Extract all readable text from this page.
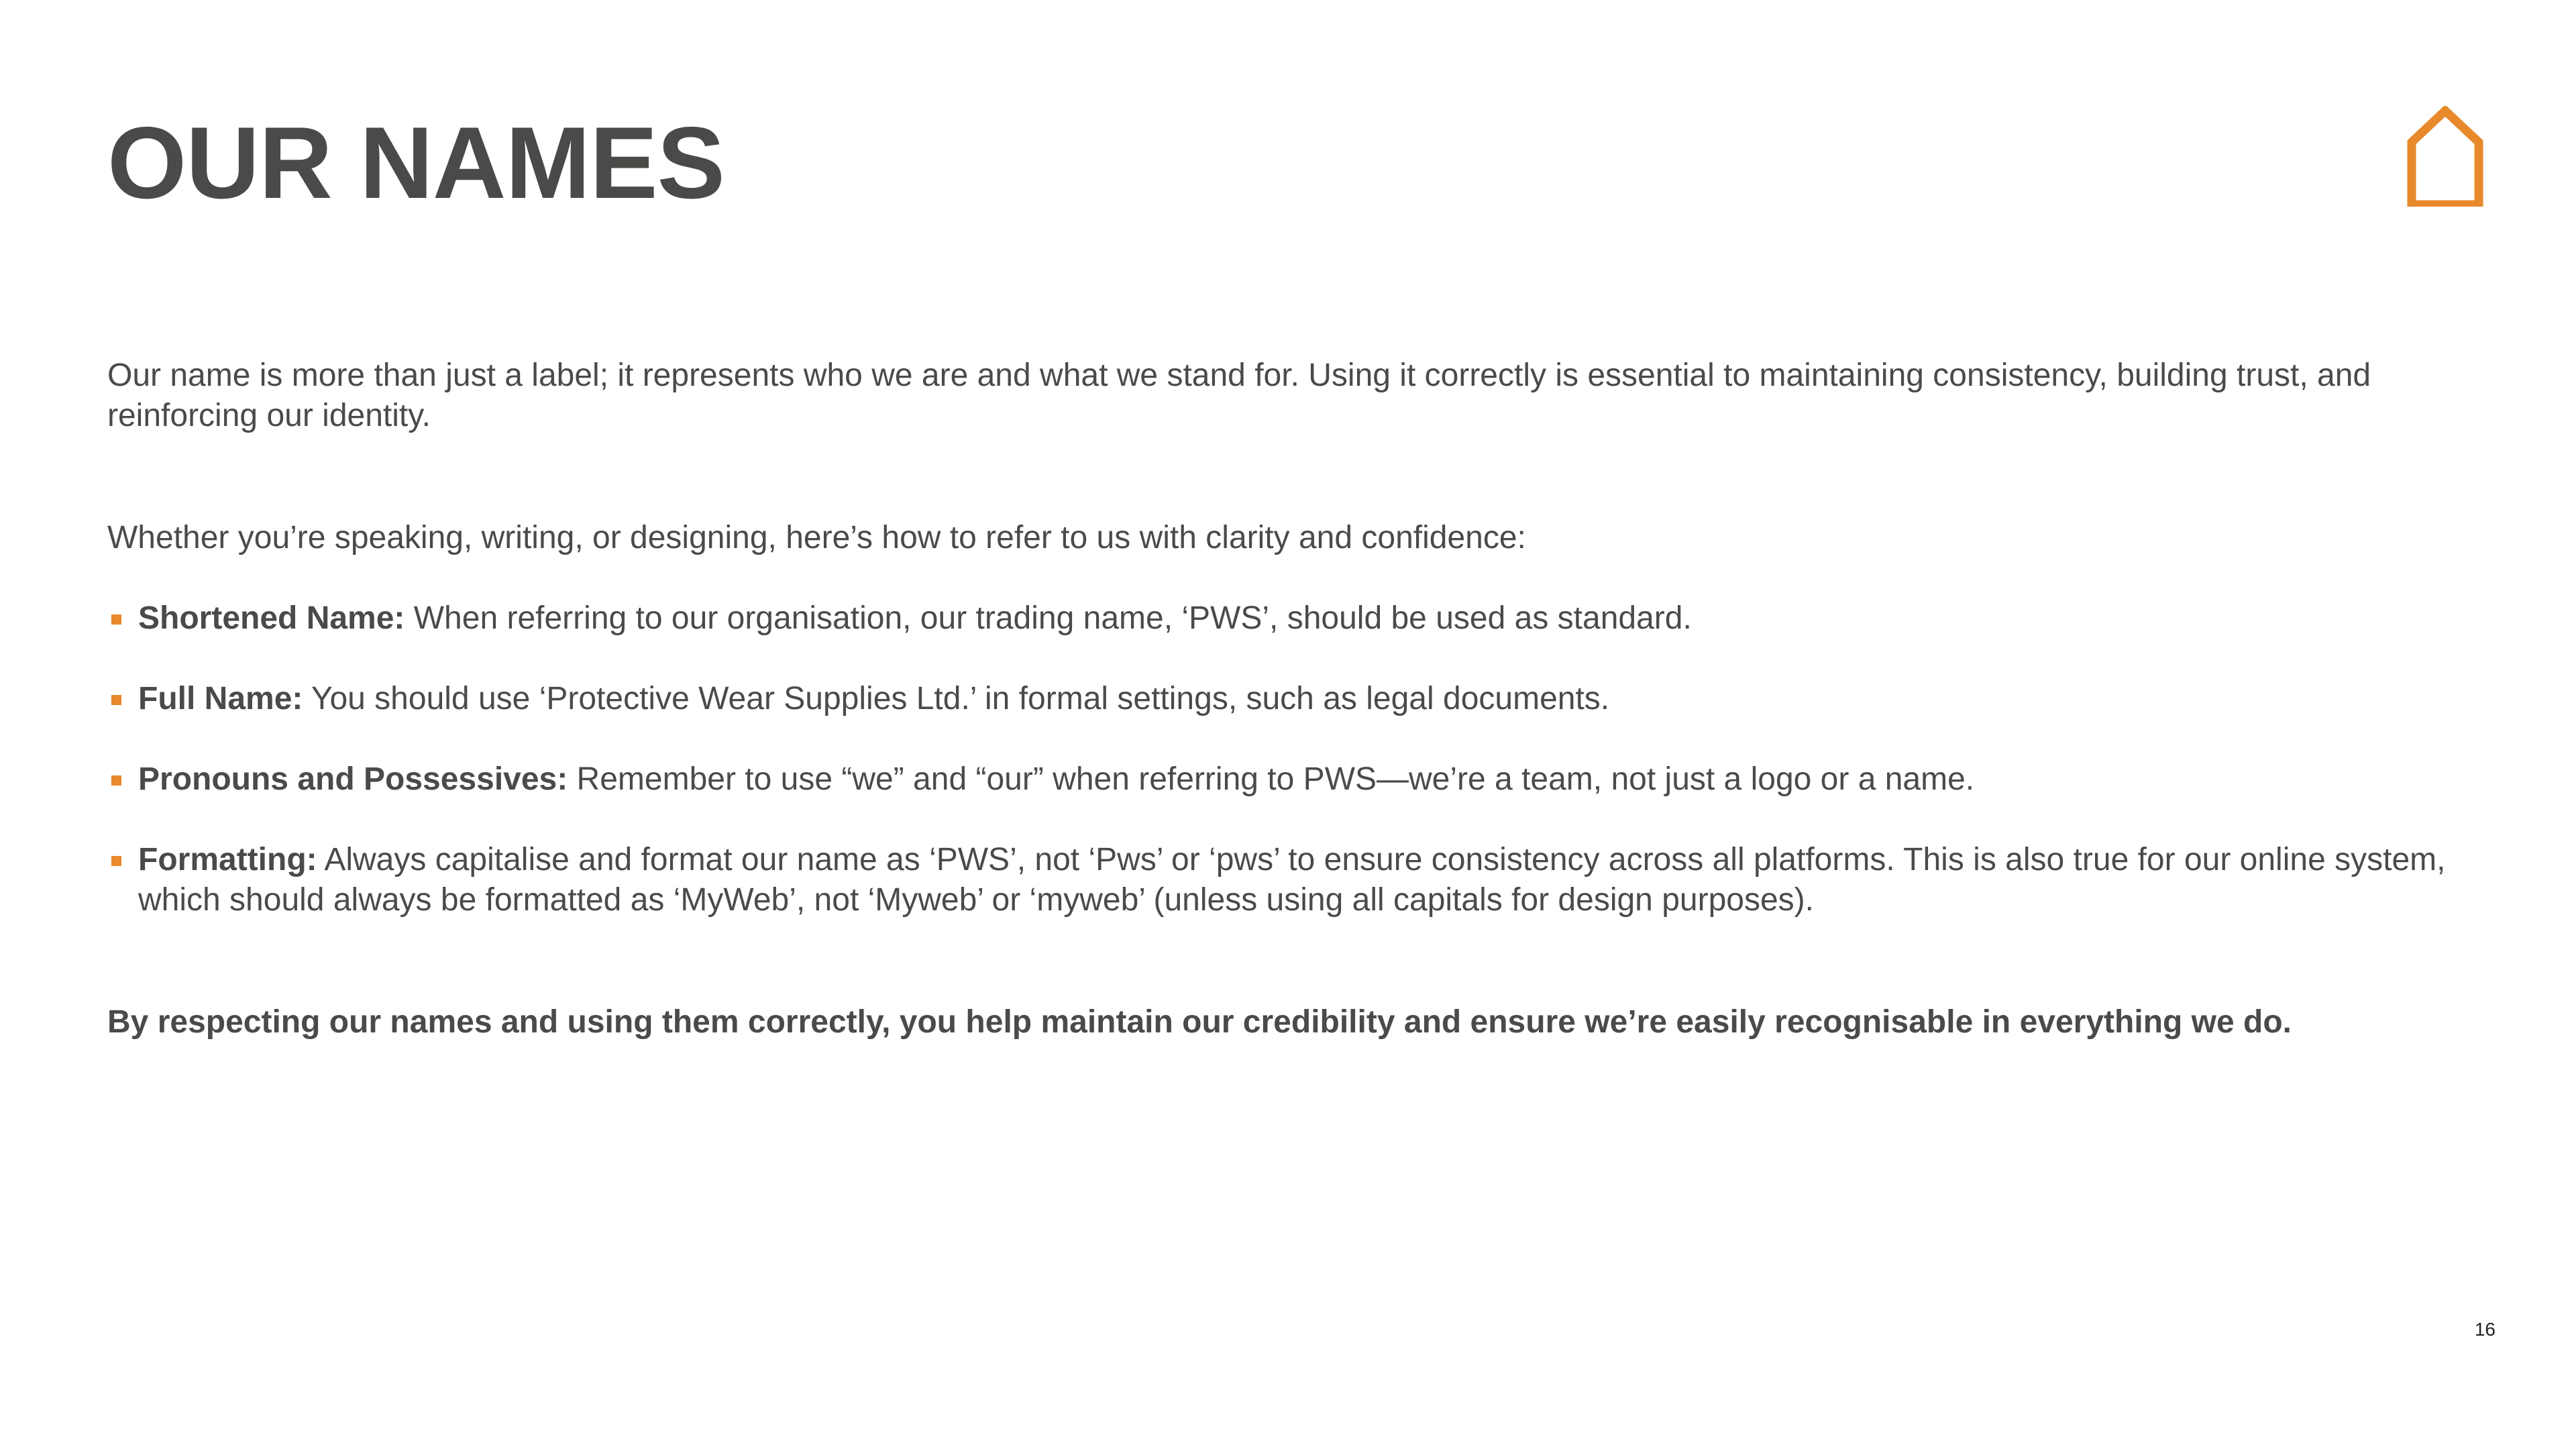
OUR NAMES

Our name is more than just a label; it represents who we are and what we stand for. Using it correctly is essential to maintaining consistency, building trust, and reinforcing our identity.

Whether you’re speaking, writing, or designing, here’s how to refer to us with clarity and confidence:

Shortened Name: When referring to our organisation, our trading name, ‘PWS’, should be used as standard.
Full Name: You should use ‘Protective Wear Supplies Ltd.’ in formal settings, such as legal documents.
Pronouns and Possessives: Remember to use “we” and “our” when referring to PWS—we’re a team, not just a logo or a name.
Formatting: Always capitalise and format our name as ‘PWS’, not ‘Pws’ or ‘pws’ to ensure consistency across all platforms. This is also true for our online system, which should always be formatted as ‘MyWeb’, not ‘Myweb’ or ‘myweb’ (unless using all capitals for design purposes).

By respecting our names and using them correctly, you help maintain our credibility and ensure we’re easily recognisable in everything we do.

16
